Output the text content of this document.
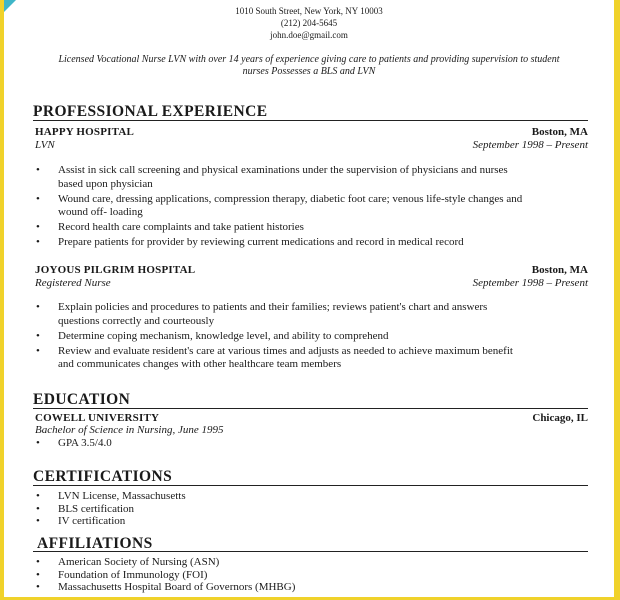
1010 South Street, New York, NY 10003
(212) 204-5645
john.doe@gmail.com
Licensed Vocational Nurse LVN with over 14 years of experience giving care to patients and providing supervision to student
nurses Possesses a BLS and LVN
PROFESSIONAL EXPERIENCE
HAPPY HOSPITAL	Boston, MA
LVN	September 1998 – Present
• Assist in sick call screening and physical examinations under the supervision of physicians and nurses based upon physician
• Wound care, dressing applications, compression therapy, diabetic foot care; venous life-style changes and wound off- loading
• Record health care complaints and take patient histories
• Prepare patients for provider by reviewing current medications and record in medical record
JOYOUS PILGRIM HOSPITAL	Boston, MA
Registered Nurse	September 1998 – Present
• Explain policies and procedures to patients and their families; reviews patient's chart and answers questions correctly and courteously
• Determine coping mechanism, knowledge level, and ability to comprehend
• Review and evaluate resident's care at various times and adjusts as needed to achieve maximum benefit and communicates changes with other healthcare team members
EDUCATION
COWELL UNIVERSITY	Chicago, IL
Bachelor of Science in Nursing, June 1995
• GPA 3.5/4.0
CERTIFICATIONS
• LVN License, Massachusetts
• BLS certification
• IV certification
AFFILIATIONS
• American Society of Nursing (ASN)
• Foundation of Immunology (FOI)
• Massachusetts Hospital Board of Governors (MHBG)
